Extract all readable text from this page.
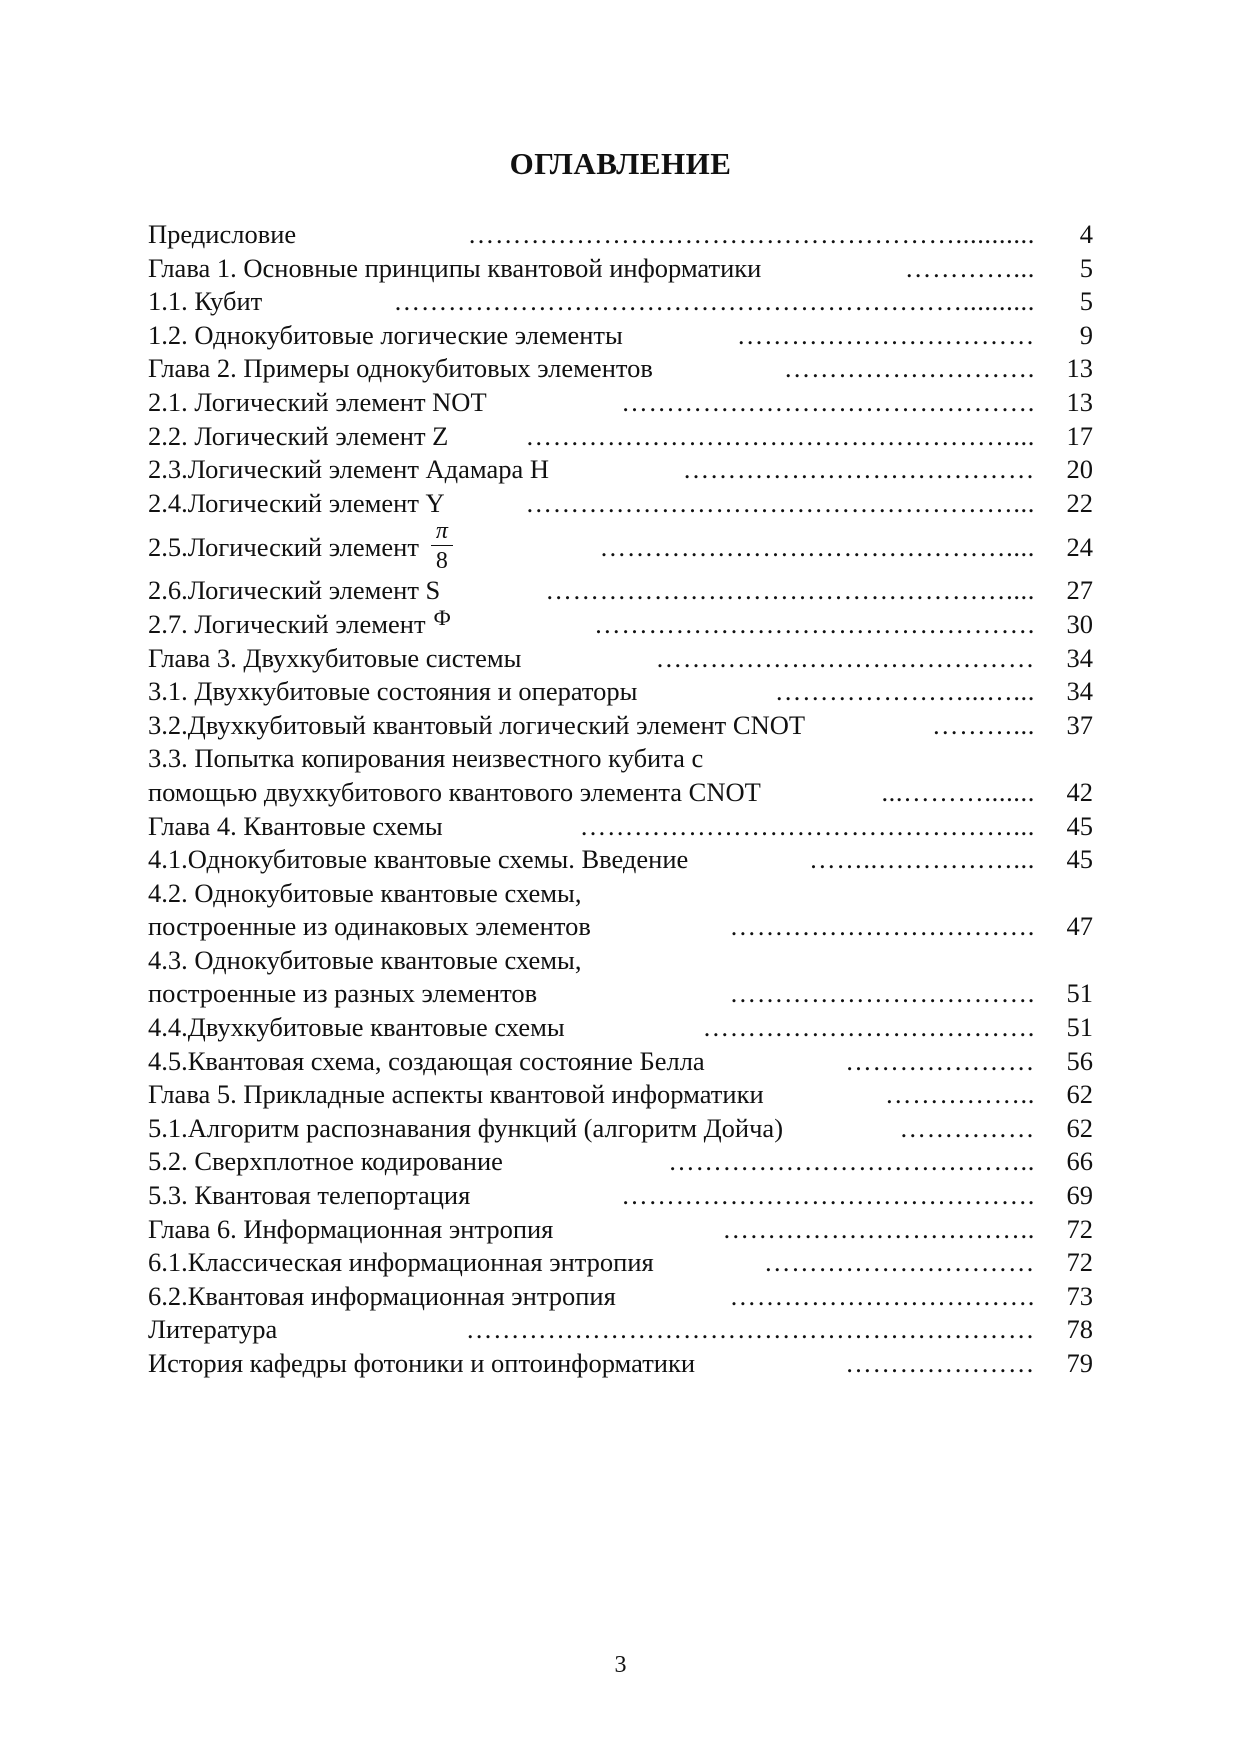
ОГЛАВЛЕНИЕ
Предисловие	………………………………………………...........	4
Глава 1. Основные принципы квантовой информатики	…………...	5
1.1. Кубит	………………………………………………………..........	5
1.2. Однокубитовые логические элементы	……………………………	9
Глава 2. Примеры однокубитовых элементов	……………………….	13
2.1. Логический элемент NOT	……………………………………….	13
2.2. Логический элемент Z	………………………………………………...	17
2.3.Логический элемент Адамара Н	…………………………………	20
2.4.Логический элемент Y	………………………………………………...	22
2.5.Логический элемент $\frac{\pi}{8}$	………………………………………....	24
2.6.Логический элемент S	……………………………………………....	27
2.7. Логический элемент $^Ф$	………………………………………….	30
Глава 3. Двухкубитовые системы	……………………………………	34
3.1. Двухкубитовые состояния и операторы	…………………...…...	34
3.2.Двухкубитовый квантовый логический элемент CNOT	………...	37
3.3. Попытка копирования неизвестного кубита с
помощью двухкубитового квантового элемента CNOT	...……….......	42
Глава 4. Квантовые схемы	…………………………………………...	45
4.1.Однокубитовые квантовые схемы. Введение	……..……………...	45
4.2. Однокубитовые квантовые схемы,
построенные из одинаковых элементов	…………………………….	47
4.3. Однокубитовые квантовые схемы,
построенные из разных элементов	…………………………….	51
4.4.Двухкубитовые квантовые схемы	……………………………….	51
4.5.Квантовая схема, создающая состояние Белла	…………………	56
Глава 5. Прикладные аспекты квантовой информатики	……………..	62
5.1.Алгоритм распознавания функций (алгоритм Дойча)	……………	62
5.2. Сверхплотное кодирование	…………………………………..	66
5.3. Квантовая телепортация	……………………………………….	69
Глава 6. Информационная энтропия	……………………………..	72
6.1.Классическая информационная энтропия	…………………………	72
6.2.Квантовая информационная энтропия	…………………………….	73
Литература	………………………………………………………	78
История кафедры фотоники и оптоинформатики	…………………	79
3
